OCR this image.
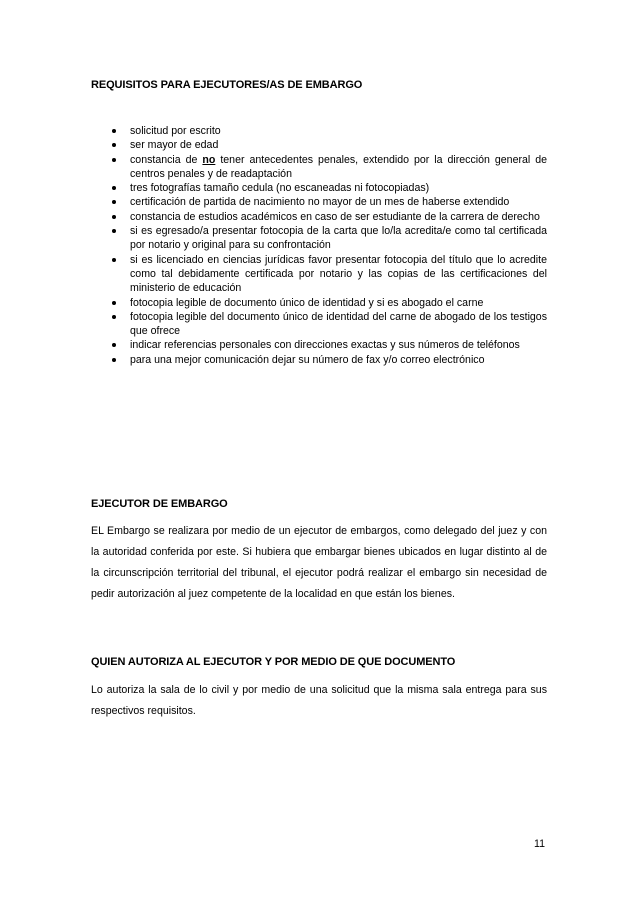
REQUISITOS PARA EJECUTORES/AS DE EMBARGO
solicitud por escrito
ser mayor de edad
constancia de no tener antecedentes penales, extendido por la dirección general de centros penales y de readaptación
tres fotografías tamaño cedula (no escaneadas ni fotocopiadas)
certificación de partida de nacimiento no mayor de un mes de haberse extendido
constancia de estudios académicos en caso de ser estudiante de la carrera de derecho
si es egresado/a presentar fotocopia de la carta que lo/la acredita/e como tal certificada por notario y original para su confrontación
si es licenciado en ciencias jurídicas favor presentar fotocopia del título que lo acredite como tal debidamente certificada por notario y las copias de las certificaciones del ministerio de educación
fotocopia legible de documento único de identidad y si es abogado el carne
fotocopia legible del documento único de identidad del carne de abogado de los testigos que ofrece
indicar referencias personales con direcciones exactas y sus números de teléfonos
para una mejor comunicación dejar su número de fax y/o correo electrónico
EJECUTOR DE EMBARGO

EL Embargo se realizara por medio de un ejecutor de embargos, como delegado del juez y con la autoridad conferida por este. Si hubiera que embargar bienes ubicados en lugar distinto al de la circunscripción territorial del tribunal, el ejecutor podrá realizar el embargo sin necesidad de pedir autorización al juez competente de la localidad en que están los bienes.

QUIEN AUTORIZA AL EJECUTOR Y POR MEDIO DE QUE DOCUMENTO

Lo autoriza la sala de lo civil y por medio de una solicitud que la misma sala entrega para sus respectivos requisitos.

11
